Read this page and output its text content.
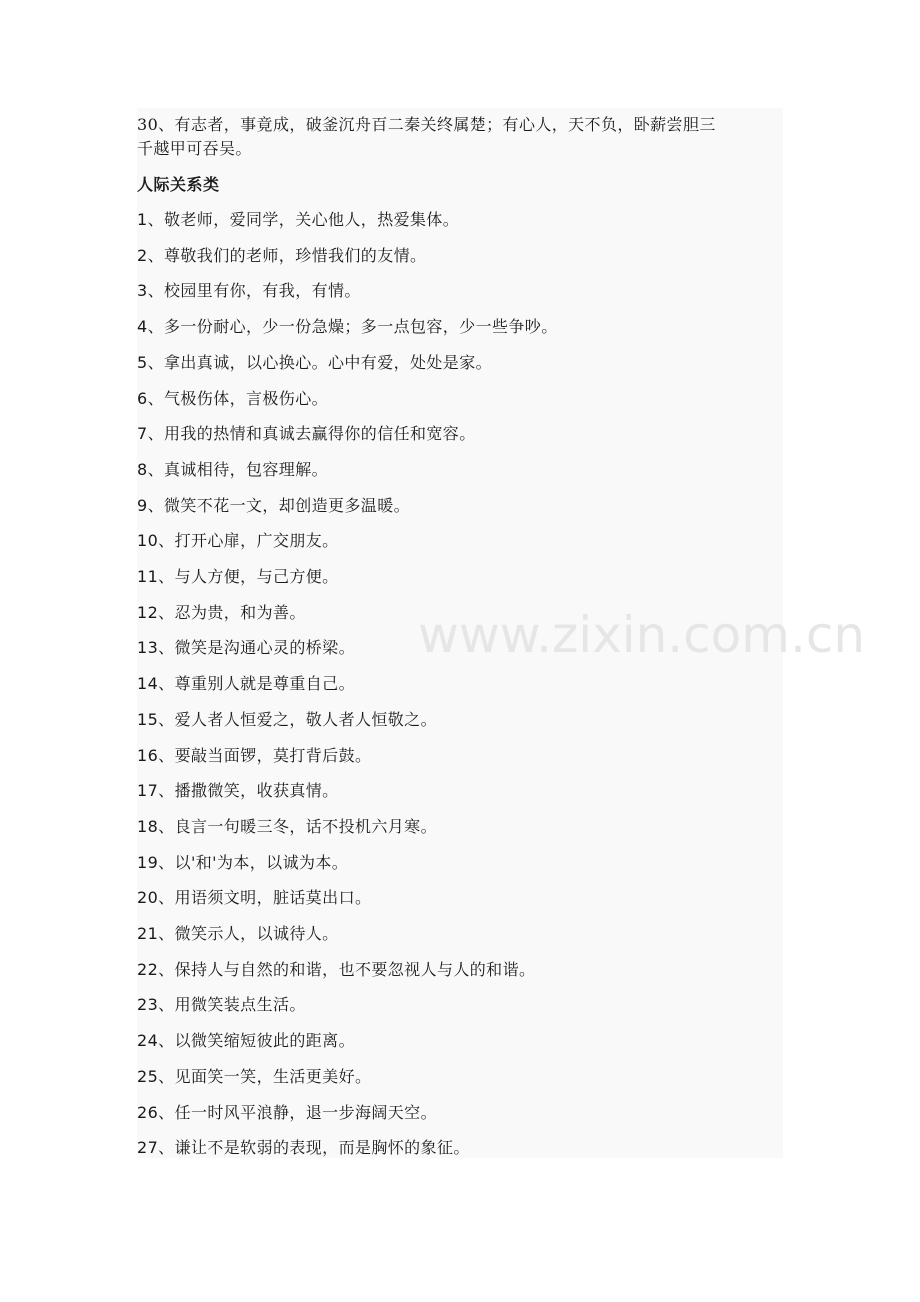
30、有志者，事竟成，破釜沉舟百二秦关终属楚；有心人，天不负，卧薪尝胆三
千越甲可吞吴。
人际关系类
1、敬老师，爱同学，关心他人，热爱集体。
2、尊敬我们的老师，珍惜我们的友情。
3、校园里有你，有我，有情。
4、多一份耐心，少一份急燥；多一点包容，少一些争吵。
5、拿出真诚，以心换心。心中有爱，处处是家。
6、气极伤体，言极伤心。
7、用我的热情和真诚去赢得你的信任和宽容。
8、真诚相待，包容理解。
9、微笑不花一文，却创造更多温暖。
10、打开心扉，广交朋友。
11、与人方便，与己方便。
12、忍为贵，和为善。
13、微笑是沟通心灵的桥梁。
14、尊重别人就是尊重自己。
15、爱人者人恒爱之，敬人者人恒敬之。
16、要敲当面锣，莫打背后鼓。
17、播撒微笑，收获真情。
18、良言一句暖三冬，话不投机六月寒。
19、以'和'为本，以诚为本。
20、用语须文明，脏话莫出口。
21、微笑示人，以诚待人。
22、保持人与自然的和谐，也不要忽视人与人的和谐。
23、用微笑装点生活。
24、以微笑缩短彼此的距离。
25、见面笑一笑，生活更美好。
26、任一时风平浪静，退一步海阔天空。
27、谦让不是软弱的表现，而是胸怀的象征。
www.zixin.com.cn
